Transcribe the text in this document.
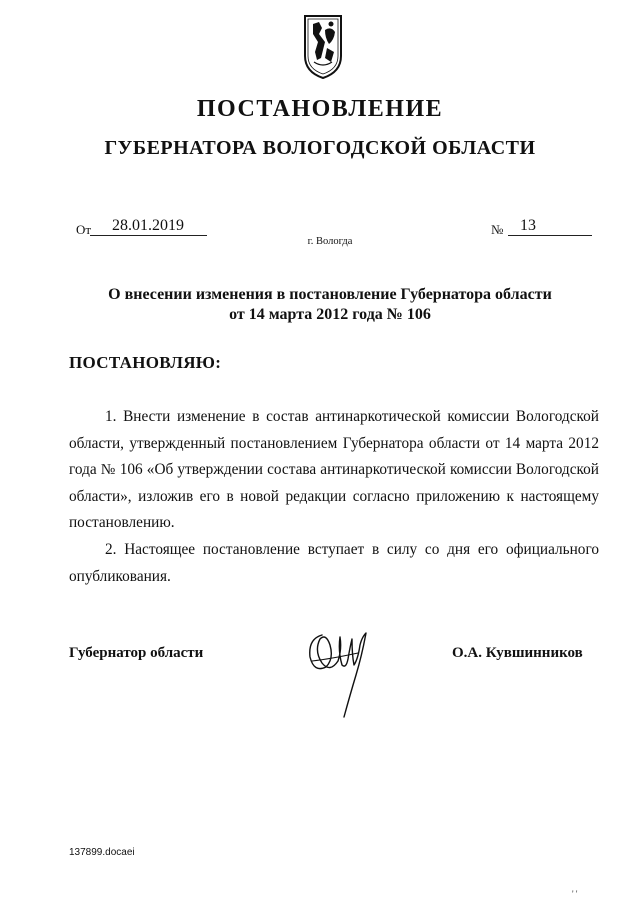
ПОСТАНОВЛЕНИЕ
ГУБЕРНАТОРА ВОЛОГОДСКОЙ ОБЛАСТИ
От 28.01.2019	№ 13
г. Вологда
О внесении изменения в постановление Губернатора области
от 14 марта 2012 года № 106
ПОСТАНОВЛЯЮ:
1. Внести изменение в состав антинаркотической комиссии Вологодской области, утвержденный постановлением Губернатора области от 14 марта 2012 года № 106 «Об утверждении состава антинаркотической комиссии Вологодской области», изложив его в новой редакции согласно приложению к настоящему постановлению.
2. Настоящее постановление вступает в силу со дня его официального опубликования.
Губернатор области	О.А. Кувшинников
137899.docaei
' '
